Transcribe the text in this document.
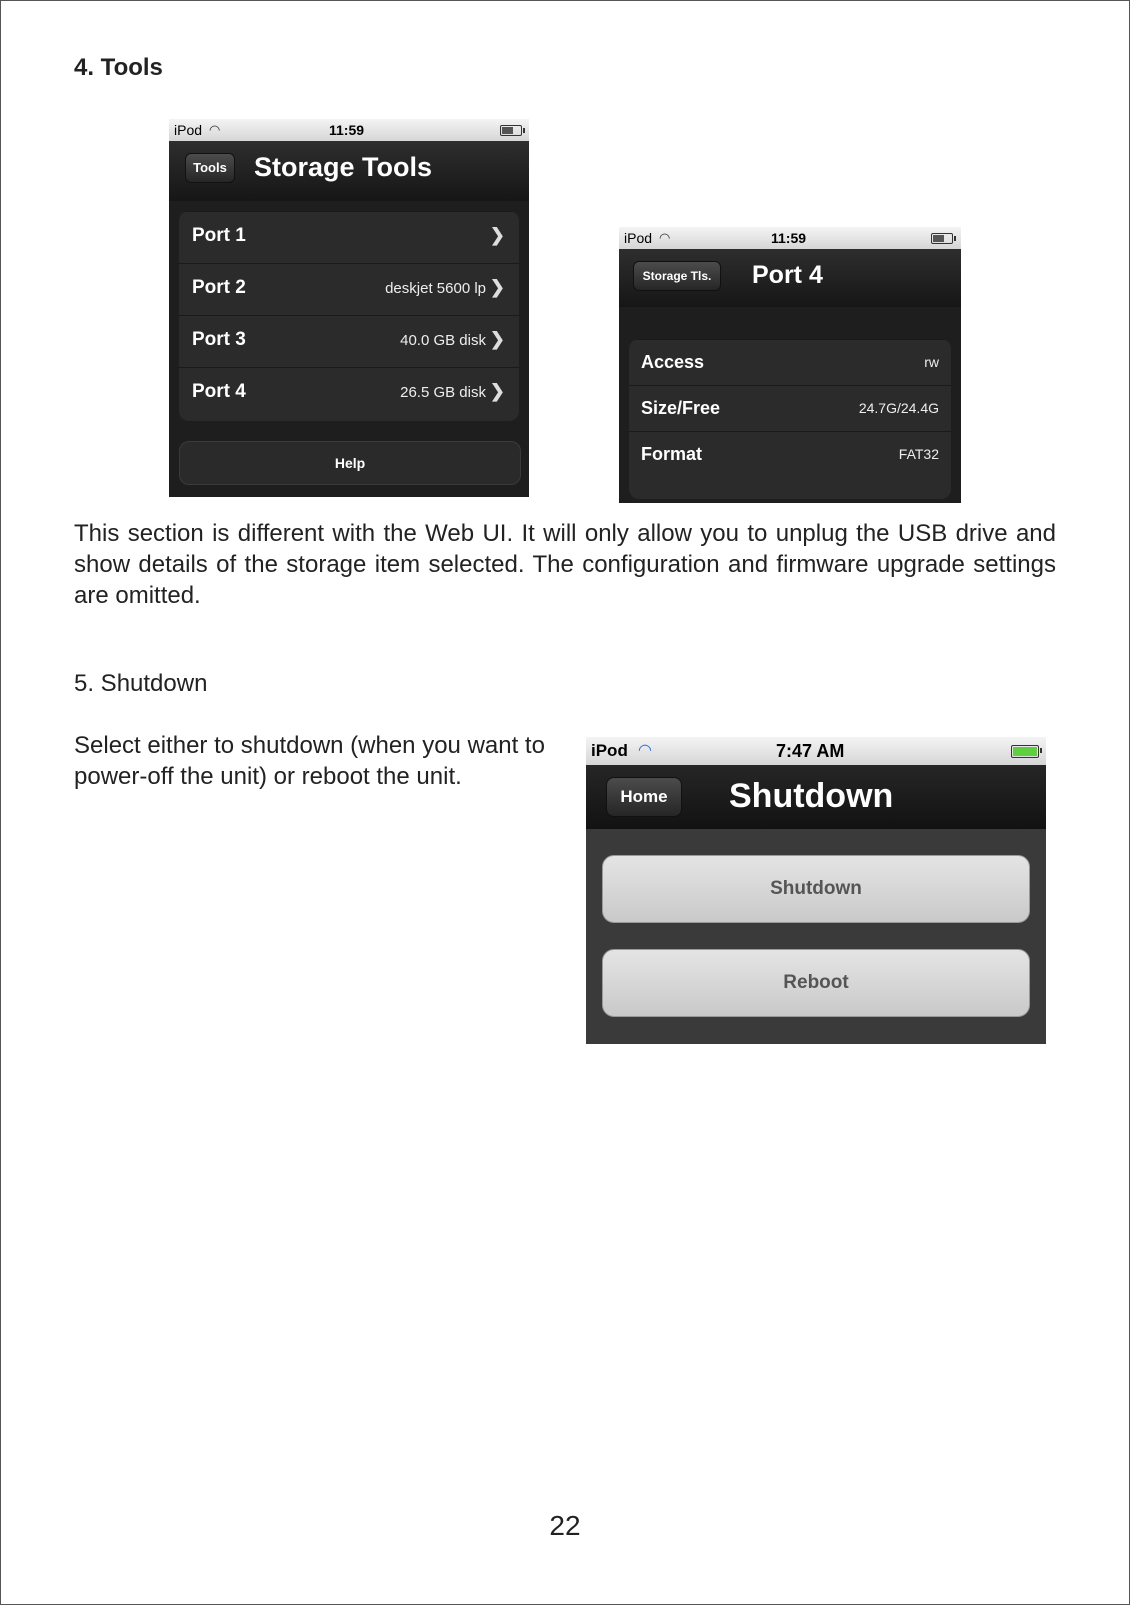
4. Tools
iPod ◠	11:59
Tools	Storage Tools
Port 1	❯
Port 2	deskjet 5600 lp ❯
Port 3	40.0 GB disk ❯
Port 4	26.5 GB disk ❯
Help
iPod ◠	11:59
Storage Tls.	Port 4
Access	rw
Size/Free	24.7G/24.4G
Format	FAT32
This section is different with the Web UI. It will only allow you to unplug the USB drive and show details of the storage item selected. The configuration and firmware upgrade settings are omitted.
5. Shutdown
Select either to shutdown (when you want to power-off the unit) or reboot the unit.
iPod ◠	7:47 AM
Home	Shutdown
Shutdown
Reboot
22
